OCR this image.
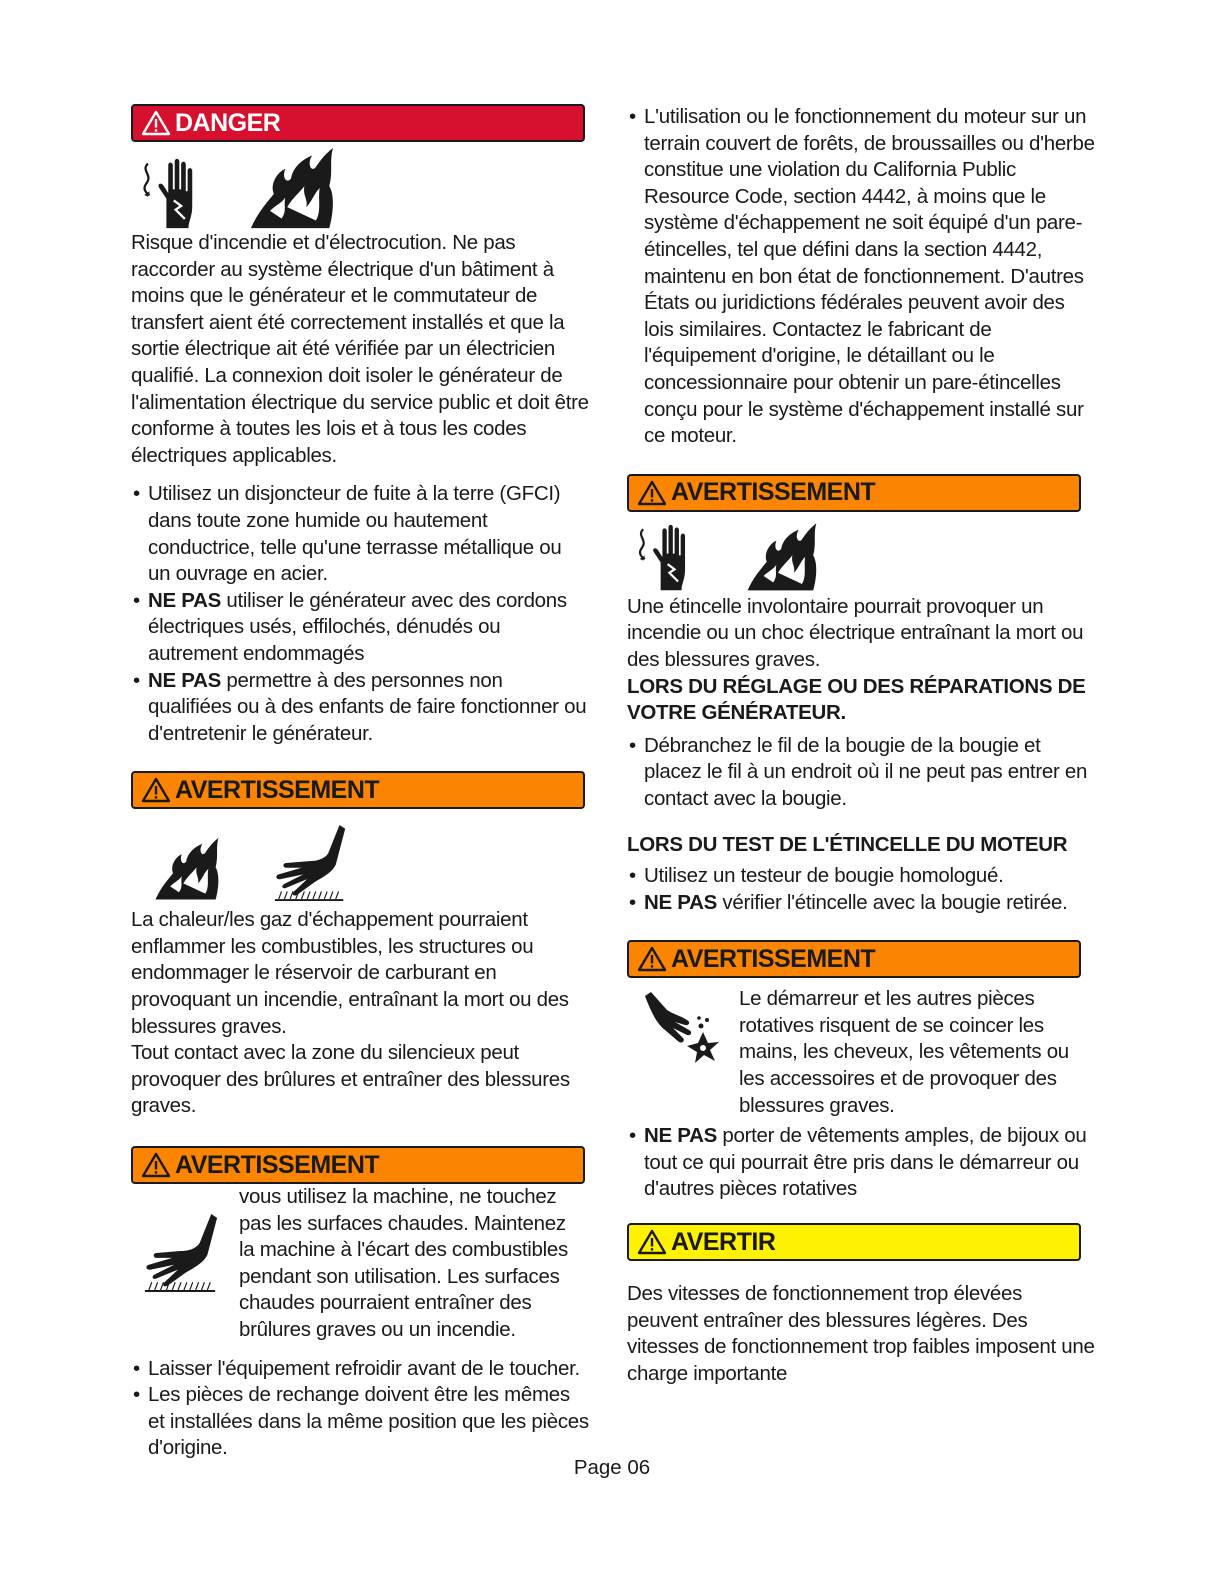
DANGER

Risque d'incendie et d'électrocution. Ne pas raccorder au système électrique d'un bâtiment à moins que le générateur et le commutateur de transfert aient été correctement installés et que la sortie électrique ait été vérifiée par un électricien qualifié. La connexion doit isoler le générateur de l'alimentation électrique du service public et doit être conforme à toutes les lois et à tous les codes électriques applicables.

• Utilisez un disjoncteur de fuite à la terre (GFCI) dans toute zone humide ou hautement conductrice, telle qu'une terrasse métallique ou un ouvrage en acier.
• NE PAS utiliser le générateur avec des cordons électriques usés, effilochés, dénudés ou autrement endommagés
• NE PAS permettre à des personnes non qualifiées ou à des enfants de faire fonctionner ou d'entretenir le générateur.
AVERTISSEMENT

La chaleur/les gaz d'échappement pourraient enflammer les combustibles, les structures ou endommager le réservoir de carburant en provoquant un incendie, entraînant la mort ou des blessures graves.

Tout contact avec la zone du silencieux peut provoquer des brûlures et entraîner des blessures graves.

AVERTISSEMENT

vous utilisez la machine, ne touchez pas les surfaces chaudes. Maintenez la machine à l'écart des combustibles pendant son utilisation. Les surfaces chaudes pourraient entraîner des brûlures graves ou un incendie.

• Laisser l'équipement refroidir avant de le toucher.
• Les pièces de rechange doivent être les mêmes et installées dans la même position que les pièces d'origine.
• L'utilisation ou le fonctionnement du moteur sur un terrain couvert de forêts, de broussailles ou d'herbe constitue une violation du California Public Resource Code, section 4442, à moins que le système d'échappement ne soit équipé d'un pare-étincelles, tel que défini dans la section 4442, maintenu en bon état de fonctionnement. D'autres États ou juridictions fédérales peuvent avoir des lois similaires. Contactez le fabricant de l'équipement d'origine, le détaillant ou le concessionnaire pour obtenir un pare-étincelles conçu pour le système d'échappement installé sur ce moteur.
AVERTISSEMENT

Une étincelle involontaire pourrait provoquer un incendie ou un choc électrique entraînant la mort ou des blessures graves.

LORS DU RÉGLAGE OU DES RÉPARATIONS DE VOTRE GÉNÉRATEUR.
• Débranchez le fil de la bougie de la bougie et placez le fil à un endroit où il ne peut pas entrer en contact avec la bougie.
LORS DU TEST DE L'ÉTINCELLE DU MOTEUR
• Utilisez un testeur de bougie homologué.
• NE PAS vérifier l'étincelle avec la bougie retirée.
AVERTISSEMENT

Le démarreur et les autres pièces rotatives risquent de se coincer les mains, les cheveux, les vêtements ou les accessoires et de provoquer des blessures graves.

• NE PAS porter de vêtements amples, de bijoux ou tout ce qui pourrait être pris dans le démarreur ou d'autres pièces rotatives
AVERTIR

Des vitesses de fonctionnement trop élevées peuvent entraîner des blessures légères. Des vitesses de fonctionnement trop faibles imposent une charge importante

Page 06
